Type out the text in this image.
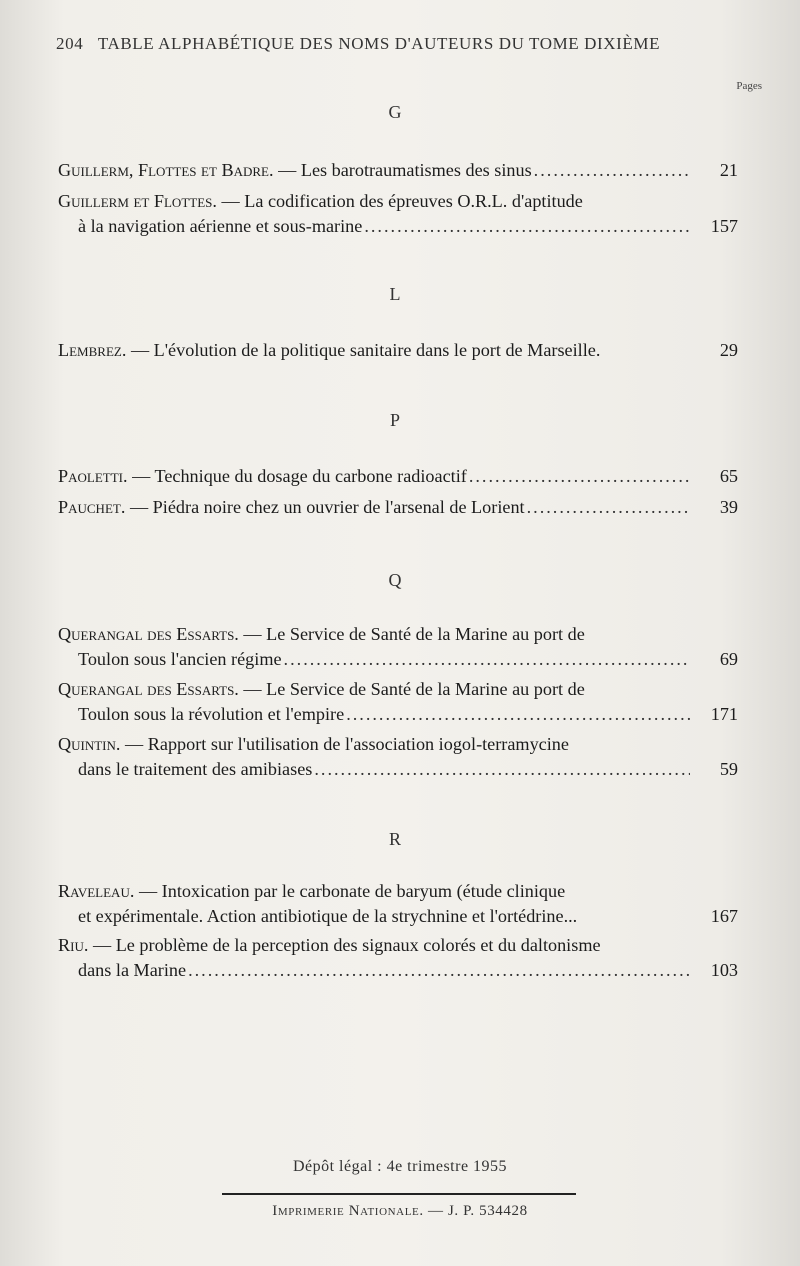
204 TABLE ALPHABÉTIQUE DES NOMS D'AUTEURS DU TOME DIXIÈME
Pages
G
Guillerm, Flottes et Badre. — Les barotraumatismes des sinus .....	21
Guillerm et Flottes. — La codification des épreuves O.R.L. d'aptitude
à la navigation aérienne et sous-marine .....	157
L
Lembrez. — L'évolution de la politique sanitaire dans le port de Marseille.	29
P
Paoletti. — Technique du dosage du carbone radioactif .....	65
Pauchet. — Piédra noire chez un ouvrier de l'arsenal de Lorient .....	39
Q
Querangal des Essarts. — Le Service de Santé de la Marine au port de
Toulon sous l'ancien régime .....	69
Querangal des Essarts. — Le Service de Santé de la Marine au port de
Toulon sous la révolution et l'empire .....	171
Quintin. — Rapport sur l'utilisation de l'association iogol-terramycine
dans le traitement des amibiases .....	59
R
Raveleau. — Intoxication par le carbonate de baryum (étude clinique
et expérimentale. Action antibiotique de la strychnine et l'ortédrine...	167
Riu. — Le problème de la perception des signaux colorés et du daltonisme
dans la Marine .....	103
Dépôt légal : 4e trimestre 1955
Imprimerie Nationale. — J. P. 534428
